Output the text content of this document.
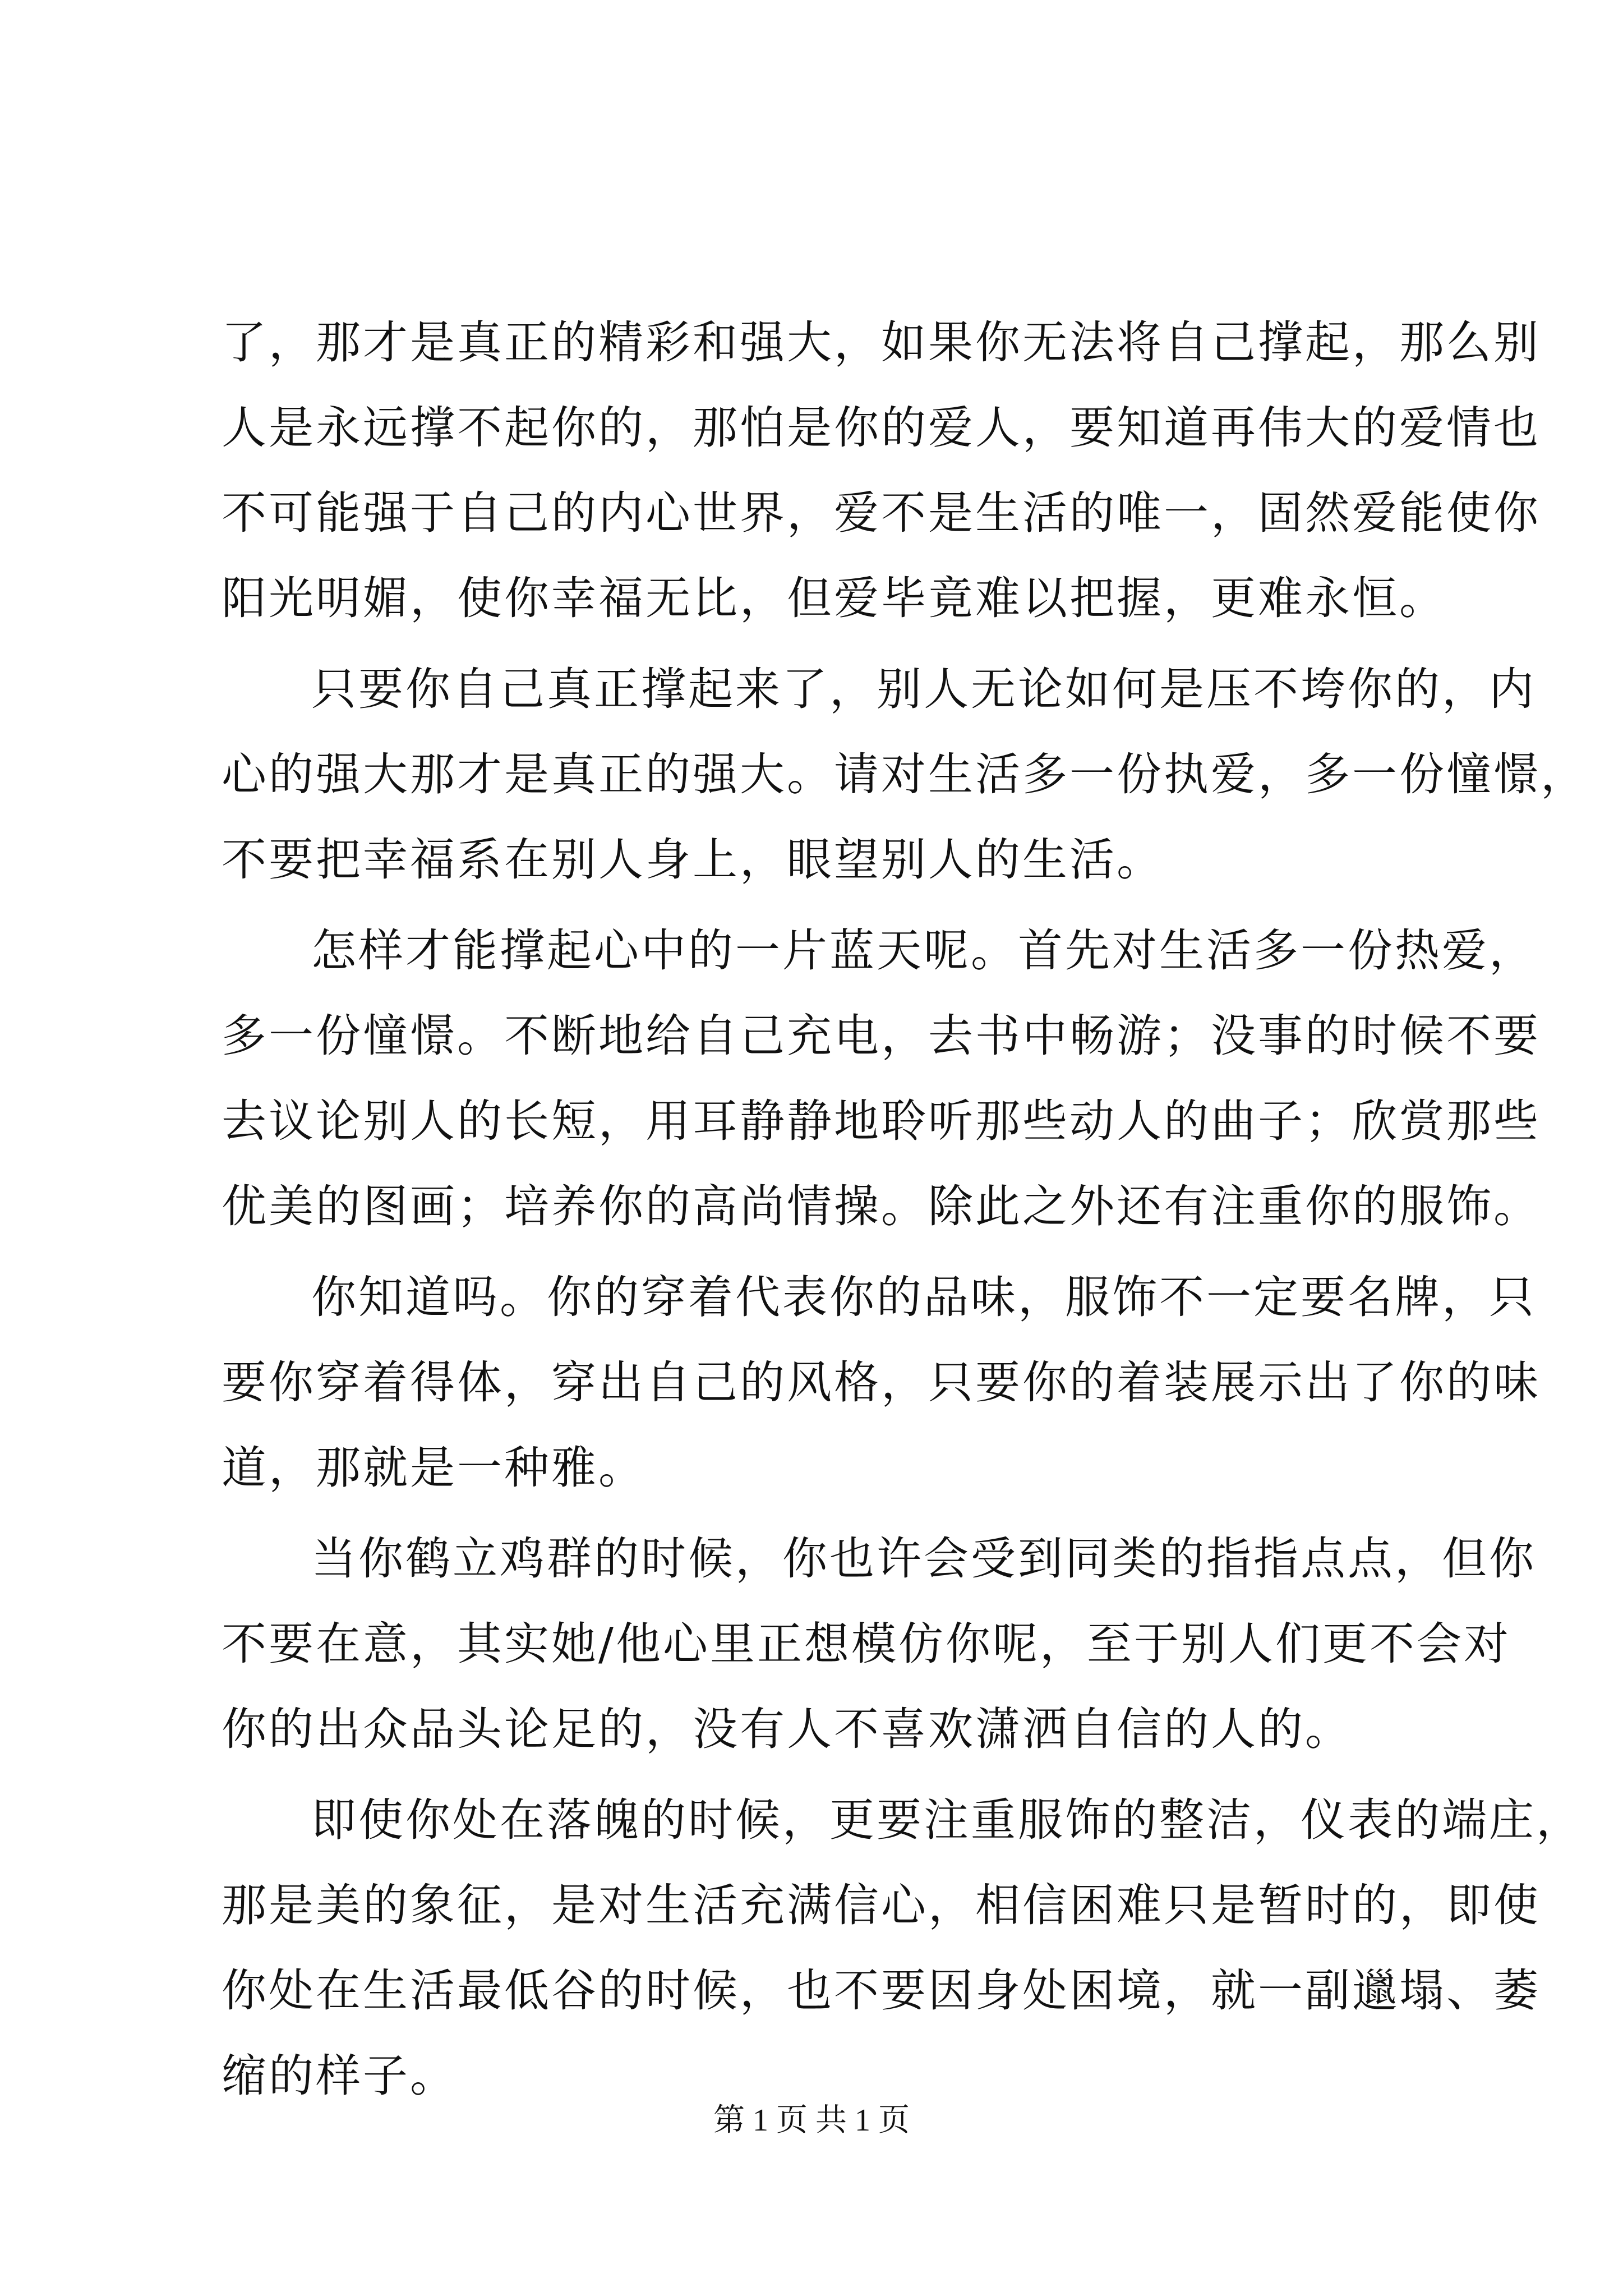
了，那才是真正的精彩和强大，如果你无法将自己撑起，那么别
人是永远撑不起你的，那怕是你的爱人，要知道再伟大的爱情也
不可能强于自己的内心世界，爱不是生活的唯一，固然爱能使你
阳光明媚，使你幸福无比，但爱毕竟难以把握，更难永恒。
只要你自己真正撑起来了，别人无论如何是压不垮你的，内
心的强大那才是真正的强大。请对生活多一份执爱，多一份憧憬，
不要把幸福系在别人身上，眼望别人的生活。
怎样才能撑起心中的一片蓝天呢。首先对生活多一份热爱，
多一份憧憬。不断地给自己充电，去书中畅游；没事的时候不要
去议论别人的长短，用耳静静地聆听那些动人的曲子；欣赏那些
优美的图画；培养你的高尚情操。除此之外还有注重你的服饰。
你知道吗。你的穿着代表你的品味，服饰不一定要名牌，只
要你穿着得体，穿出自己的风格，只要你的着装展示出了你的味
道，那就是一种雅。
当你鹤立鸡群的时候，你也许会受到同类的指指点点，但你
不要在意，其实她/他心里正想模仿你呢，至于别人们更不会对
你的出众品头论足的，没有人不喜欢潇洒自信的人的。
即使你处在落魄的时候，更要注重服饰的整洁，仪表的端庄，
那是美的象征，是对生活充满信心，相信困难只是暂时的，即使
你处在生活最低谷的时候，也不要因身处困境，就一副邋塌、萎
缩的样子。
第 1 页 共 1 页
